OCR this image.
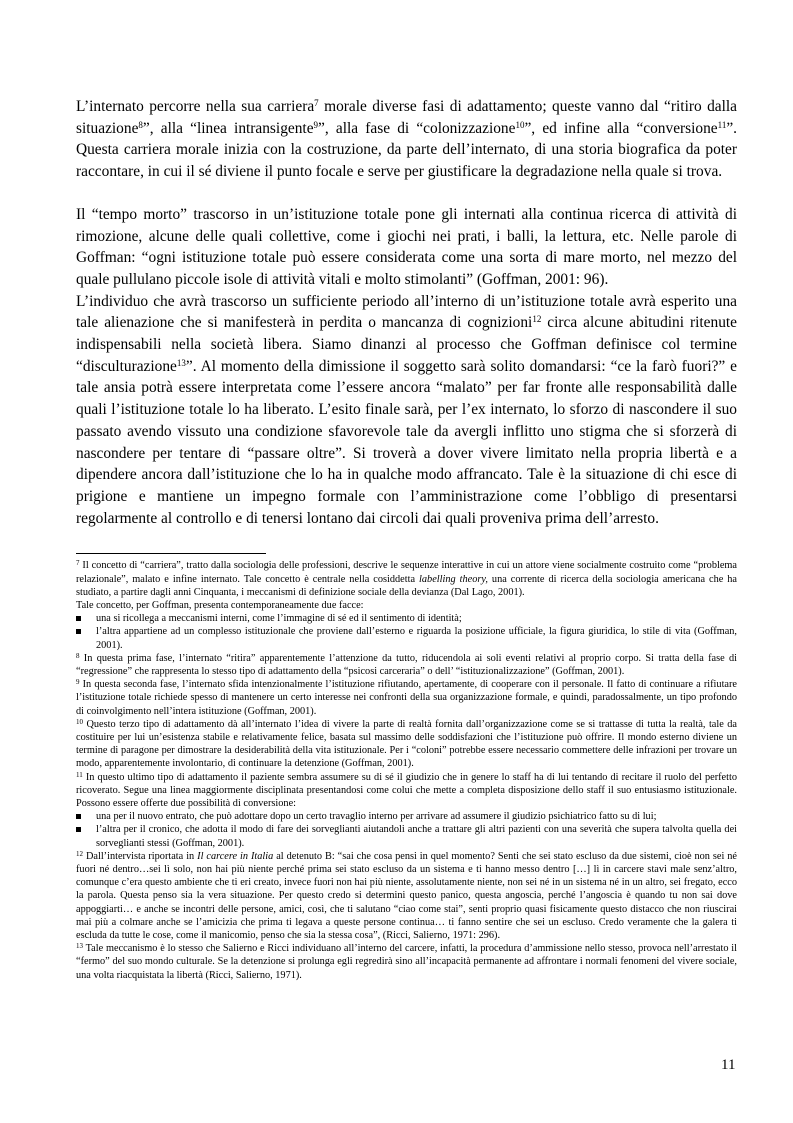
L’internato percorre nella sua carriera$^7$ morale diverse fasi di adattamento; queste vanno dal “ritiro dalla situazione$^8$”, alla “linea intransigente$^9$”, alla fase di “colonizzazione$^{10}$”, ed infine alla “conversione$^{11}$”. Questa carriera morale inizia con la costruzione, da parte dell’internato, di una storia biografica da poter raccontare, in cui il sé diviene il punto focale e serve per giustificare la degradazione nella quale si trova.

Il “tempo morto” trascorso in un’istituzione totale pone gli internati alla continua ricerca di attività di rimozione, alcune delle quali collettive, come i giochi nei prati, i balli, la lettura, etc. Nelle parole di Goffman: “ogni istituzione totale può essere considerata come una sorta di mare morto, nel mezzo del quale pullulano piccole isole di attività vitali e molto stimolanti” (Goffman, 2001: 96).

L’individuo che avrà trascorso un sufficiente periodo all’interno di un’istituzione totale avrà esperito una tale alienazione che si manifesterà in perdita o mancanza di cognizioni$^{12}$ circa alcune abitudini ritenute indispensabili nella società libera. Siamo dinanzi al processo che Goffman definisce col termine “disculturazione$^{13}$”. Al momento della dimissione il soggetto sarà solito domandarsi: “ce la farò fuori?” e tale ansia potrà essere interpretata come l’essere ancora “malato” per far fronte alle responsabilità dalle quali l’istituzione totale lo ha liberato. L’esito finale sarà, per l’ex internato, lo sforzo di nascondere il suo passato avendo vissuto una condizione sfavorevole tale da avergli inflitto uno stigma che si sforzerà di nascondere per tentare di “passare oltre”. Si troverà a dover vivere limitato nella propria libertà e a dipendere ancora dall’istituzione che lo ha in qualche modo affrancato. Tale è la situazione di chi esce di prigione e mantiene un impegno formale con l’amministrazione come l’obbligo di presentarsi regolarmente al controllo e di tenersi lontano dai circoli dai quali proveniva prima dell’arresto.

$^7$ Il concetto di “carriera”, tratto dalla sociologia delle professioni, descrive le sequenze interattive in cui un attore viene socialmente costruito come “problema relazionale”, malato e infine internato. Tale concetto è centrale nella cosiddetta labelling theory, una corrente di ricerca della sociologia americana che ha studiato, a partire dagli anni Cinquanta, i meccanismi di definizione sociale della devianza (Dal Lago, 2001).

Tale concetto, per Goffman, presenta contemporaneamente due facce:

una si ricollega a meccanismi interni, come l’immagine di sé ed il sentimento di identità;

l’altra appartiene ad un complesso istituzionale che proviene dall’esterno e riguarda la posizione ufficiale, la figura giuridica, lo stile di vita (Goffman, 2001).

$^8$ In questa prima fase, l’internato “ritira” apparentemente l’attenzione da tutto, riducendola ai soli eventi relativi al proprio corpo. Si tratta della fase di “regressione” che rappresenta lo stesso tipo di adattamento della “psicosi carceraria” o dell’ “istituzionalizzazione” (Goffman, 2001).

$^9$ In questa seconda fase, l’internato sfida intenzionalmente l’istituzione rifiutando, apertamente, di cooperare con il personale. Il fatto di continuare a rifiutare l’istituzione totale richiede spesso di mantenere un certo interesse nei confronti della sua organizzazione formale, e quindi, paradossalmente, un tipo profondo di coinvolgimento nell’intera istituzione (Goffman, 2001).

$^{10}$ Questo terzo tipo di adattamento dà all’internato l’idea di vivere la parte di realtà fornita dall’organizzazione come se si trattasse di tutta la realtà, tale da costituire per lui un’esistenza stabile e relativamente felice, basata sul massimo delle soddisfazioni che l’istituzione può offrire. Il mondo esterno diviene un termine di paragone per dimostrare la desiderabilità della vita istituzionale. Per i “coloni” potrebbe essere necessario commettere delle infrazioni per trovare un modo, apparentemente involontario, di continuare la detenzione (Goffman, 2001).

$^{11}$ In questo ultimo tipo di adattamento il paziente sembra assumere su di sé il giudizio che in genere lo staff ha di lui tentando di recitare il ruolo del perfetto ricoverato. Segue una linea maggiormente disciplinata presentandosi come colui che mette a completa disposizione dello staff il suo entusiasmo istituzionale. Possono essere offerte due possibilità di conversione:

una per il nuovo entrato, che può adottare dopo un certo travaglio interno per arrivare ad assumere il giudizio psichiatrico fatto su di lui;

l’altra per il cronico, che adotta il modo di fare dei sorveglianti aiutandoli anche a trattare gli altri pazienti con una severità che supera talvolta quella dei sorveglianti stessi (Goffman, 2001).

$^{12}$ Dall’intervista riportata in Il carcere in Italia al detenuto B: “sai che cosa pensi in quel momento? Senti che sei stato escluso da due sistemi, cioè non sei né fuori né dentro…sei lì solo, non hai più niente perché prima sei stato escluso da un sistema e ti hanno messo dentro […] lì in carcere stavi male senz’altro, comunque c’era questo ambiente che ti eri creato, invece fuori non hai più niente, assolutamente niente, non sei né in un sistema né in un altro, sei fregato, ecco la parola. Questa penso sia la vera situazione. Per questo credo si determini questo panico, questa angoscia, perché l’angoscia è quando tu non sai dove appoggiarti… e anche se incontri delle persone, amici, così, che ti salutano “ciao come stai”, senti proprio quasi fisicamente questo distacco che non riuscirai mai più a colmare anche se l’amicizia che prima ti legava a queste persone continua… ti fanno sentire che sei un escluso. Credo veramente che la galera ti escluda da tutte le cose, come il manicomio, penso che sia la stessa cosa”, (Ricci, Salierno, 1971: 296).

$^{13}$ Tale meccanismo è lo stesso che Salierno e Ricci individuano all’interno del carcere, infatti, la procedura d’ammissione nello stesso, provoca nell’arrestato il “fermo” del suo mondo culturale. Se la detenzione si prolunga egli regredirà sino all’incapacità permanente ad affrontare i normali fenomeni del vivere sociale, una volta riacquistata la libertà (Ricci, Salierno, 1971).

11
